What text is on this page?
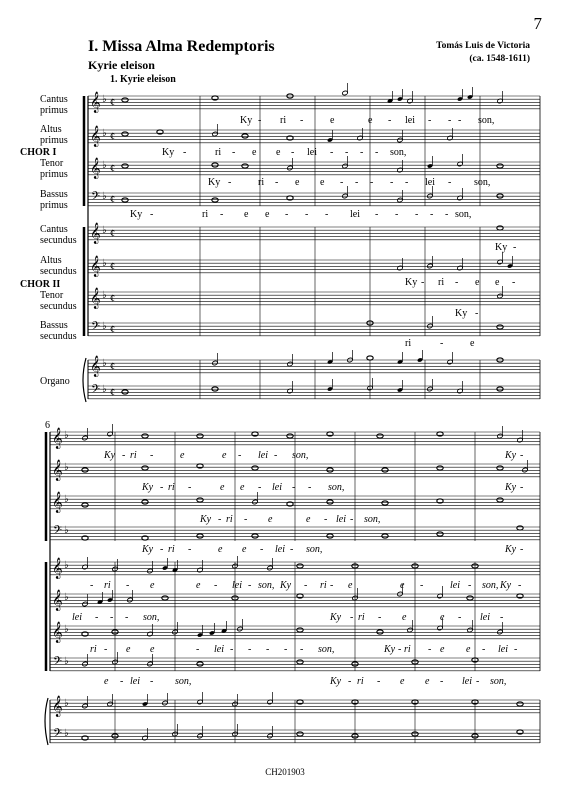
7
I. Missa Alma Redemptoris	Tomás Luis de Victoria
(ca. 1548-1611)
Kyrie eleison
1. Kyrie eleison
Cantus
primus
Altus
primus
CHOR I
Tenor
primus
Bassus
primus
Cantus
secundus
Altus
secundus
CHOR II
Tenor
secundus
Bassus
secundus
Organo
CH201903
𝄞 ♭ ¢
𝄞 ♭ ¢
𝄞 ♭ ¢
𝄢 ♭ ¢
𝄞 ♭ ¢
𝄞 ♭ ¢
𝄞 ♭ ¢
𝄢 ♭ ¢
𝄞 ♭ ¢
𝄢 ♭ ¢
Ky - ri -	e	e - lei - - - son,
Ky -	ri - e e - lei - - - - son,
Ky -	ri - e e - - - - - lei - son,
Ky -	ri - e e - - - lei - - - - - son,
Ky -
Ky - ri - e e -
Ky -
ri	-	e
𝄞 ♭
𝄞 ♭
𝄞 ♭
𝄢 ♭
𝄞 ♭
𝄞 ♭
𝄞 ♭
𝄢 ♭
𝄞 ♭
𝄢 ♭
6
Ky - ri -	e	e - lei - son,	Ky -
Ky - ri -	e e - lei - - son,	Ky -
Ky - ri - e	e - lei - son,
Ky - ri -	e e - lei - son,	Ky -
- ri - e	e - lei - son, Ky - ri - e	e -	lei - son, Ky -
lei - - - son,	Ky - ri - e	e - lei -
ri - e e	- lei - - - - - son,	Ky - ri - e e - lei -
e - lei - son,	Ky - ri - e e - lei - son,
